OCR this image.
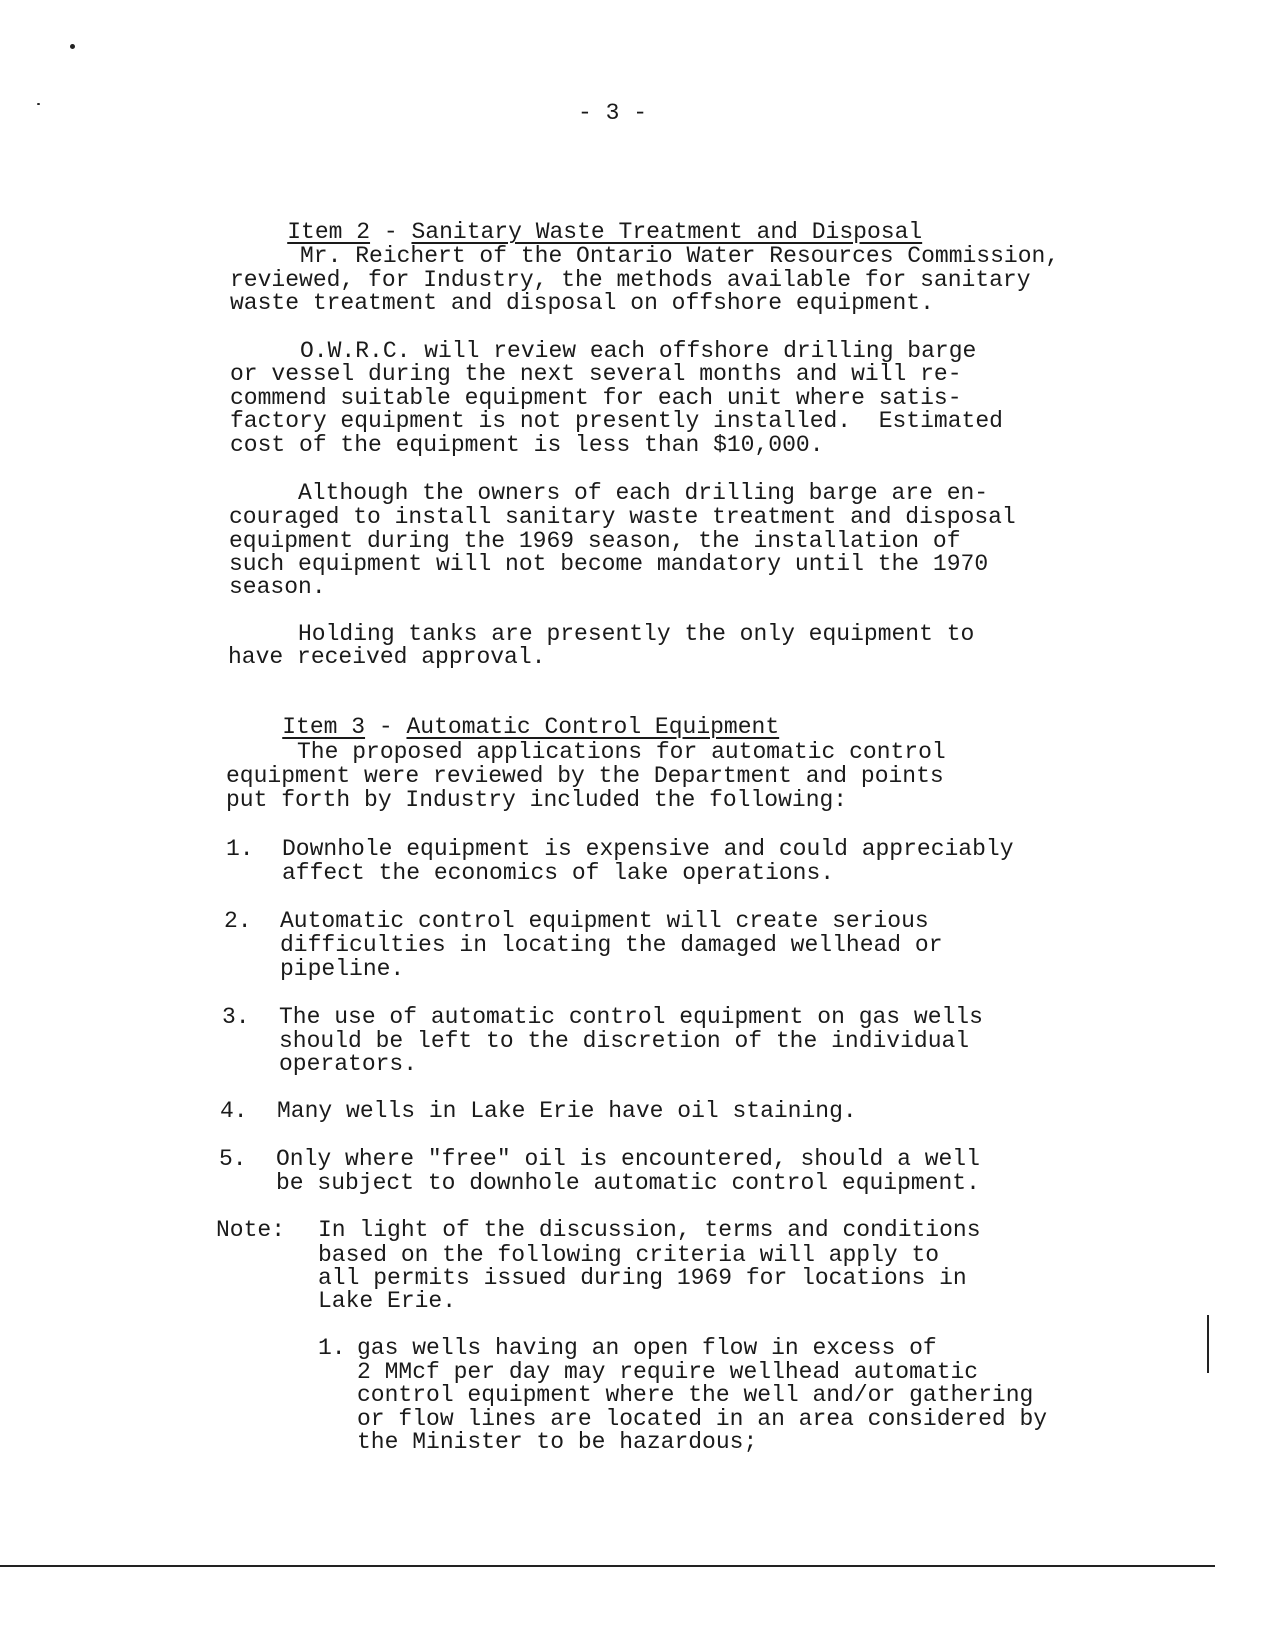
- 3 -

Item 2 - Sanitary Waste Treatment and Disposal

Mr. Reichert of the Ontario Water Resources Commission,
reviewed, for Industry, the methods available for sanitary
waste treatment and disposal on offshore equipment.
O.W.R.C. will review each offshore drilling barge
or vessel during the next several months and will re-
commend suitable equipment for each unit where satis-
factory equipment is not presently installed.  Estimated
cost of the equipment is less than $10,000.
Although the owners of each drilling barge are en-
couraged to install sanitary waste treatment and disposal
equipment during the 1969 season, the installation of
such equipment will not become mandatory until the 1970
season.
Holding tanks are presently the only equipment to
have received approval.

Item 3 - Automatic Control Equipment

The proposed applications for automatic control
equipment were reviewed by the Department and points
put forth by Industry included the following:
1. Downhole equipment is expensive and could appreciably
affect the economics of lake operations.
2. Automatic control equipment will create serious
difficulties in locating the damaged wellhead or
pipeline.
3. The use of automatic control equipment on gas wells
should be left to the discretion of the individual
operators.
4. Many wells in Lake Erie have oil staining.
5. Only where "free" oil is encountered, should a well
be subject to downhole automatic control equipment.
Note: In light of the discussion, terms and conditions
based on the following criteria will apply to
all permits issued during 1969 for locations in
Lake Erie.
1. gas wells having an open flow in excess of
2 MMcf per day may require wellhead automatic
control equipment where the well and/or gathering
or flow lines are located in an area considered by
the Minister to be hazardous;
